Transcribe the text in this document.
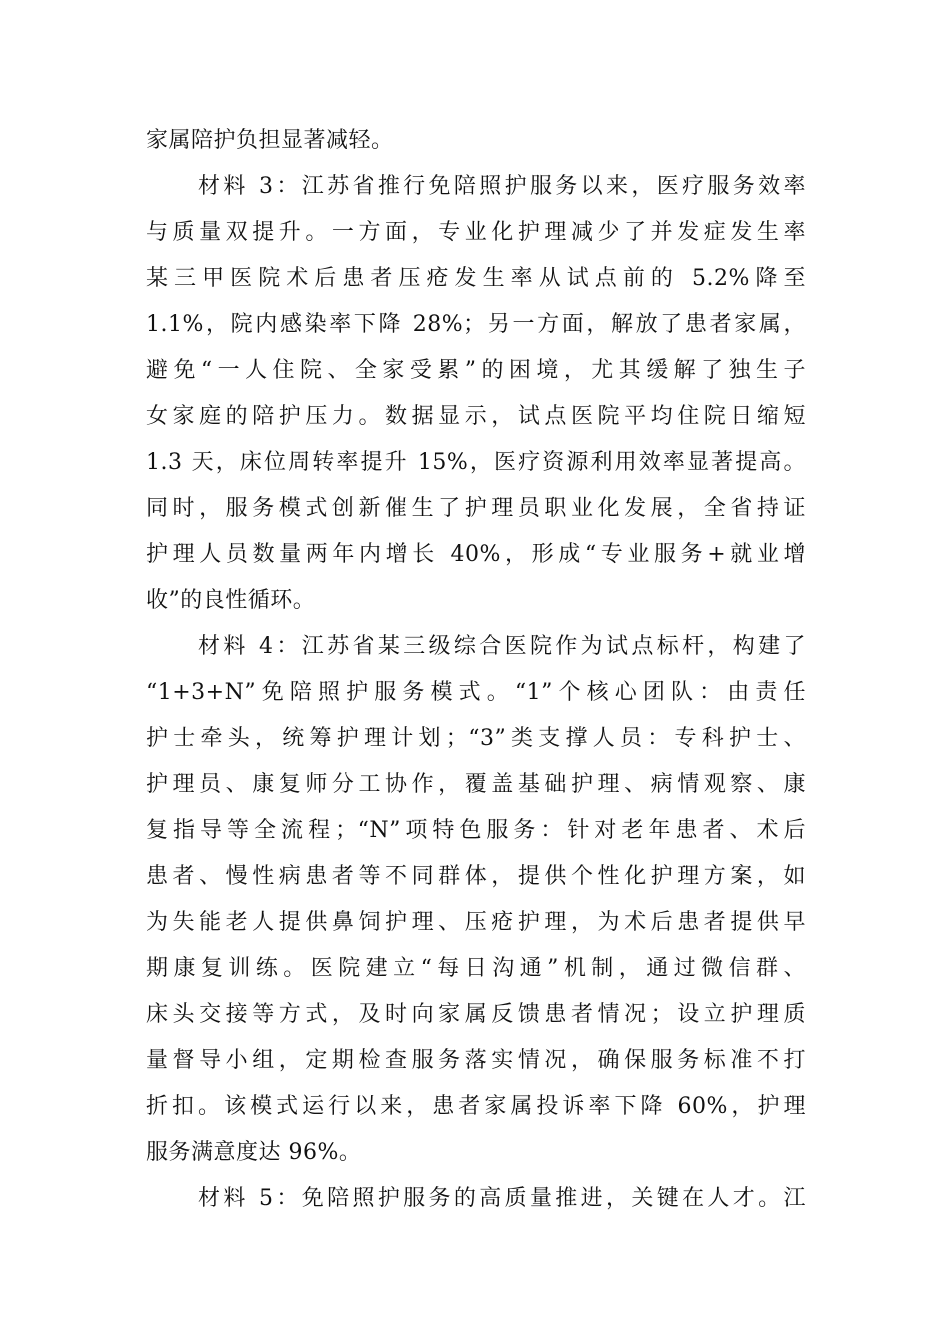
家属陪护负担显著减轻。
材料 3：江苏省推行免陪照护服务以来，医疗服务效率
与质量双提升。一方面，专业化护理减少了并发症发生率
某三甲医院术后患者压疮发生率从试点前的 5.2%降至
1.1%，院内感染率下降 28%；另一方面，解放了患者家属，
避免“一人住院、全家受累”的困境，尤其缓解了独生子
女家庭的陪护压力。数据显示，试点医院平均住院日缩短
1.3 天，床位周转率提升 15%，医疗资源利用效率显著提高。
同时，服务模式创新催生了护理员职业化发展，全省持证
护理人员数量两年内增长 40%，形成“专业服务+就业增
收”的良性循环。
材料 4：江苏省某三级综合医院作为试点标杆，构建了
“1+3+N”免陪照护服务模式。“1”个核心团队：由责任
护士牵头，统筹护理计划；“3”类支撑人员：专科护士、
护理员、康复师分工协作，覆盖基础护理、病情观察、康
复指导等全流程；“N”项特色服务：针对老年患者、术后
患者、慢性病患者等不同群体，提供个性化护理方案，如
为失能老人提供鼻饲护理、压疮护理，为术后患者提供早
期康复训练。医院建立“每日沟通”机制，通过微信群、
床头交接等方式，及时向家属反馈患者情况；设立护理质
量督导小组，定期检查服务落实情况，确保服务标准不打
折扣。该模式运行以来，患者家属投诉率下降 60%，护理
服务满意度达 96%。
材料 5：免陪照护服务的高质量推进，关键在人才。江
